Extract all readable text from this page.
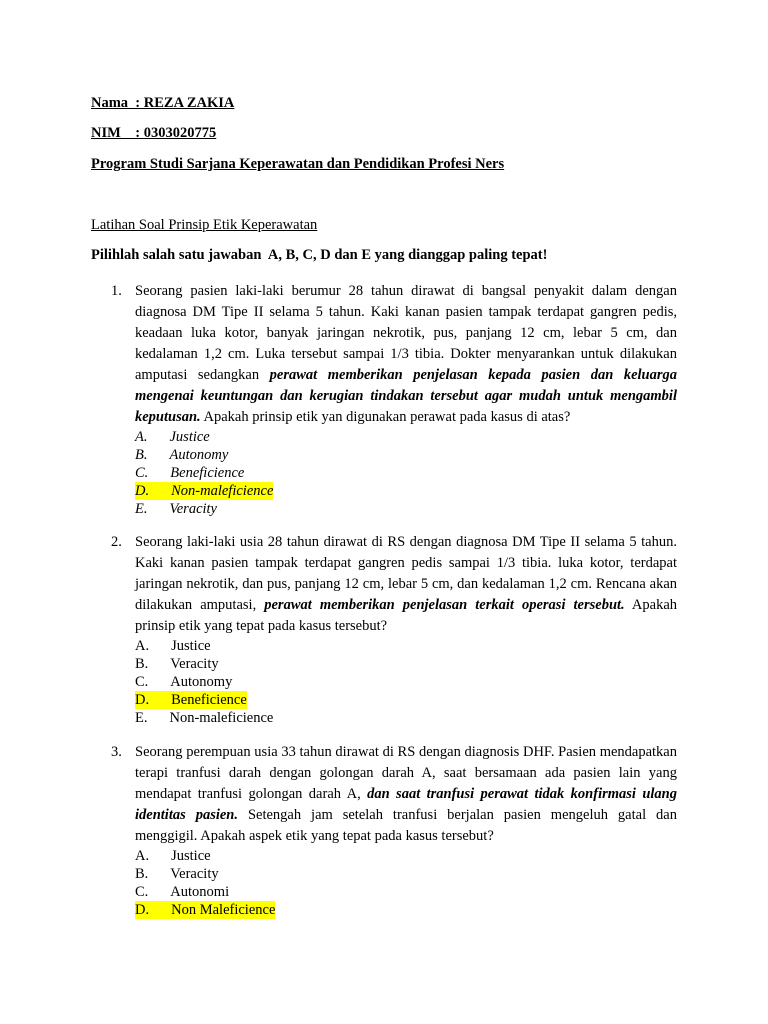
Nama  : REZA ZAKIA
NIM    : 0303020775
Program Studi Sarjana Keperawatan dan Pendidikan Profesi Ners
Latihan Soal Prinsip Etik Keperawatan
Pilihlah salah satu jawaban  A, B, C, D dan E yang dianggap paling tepat!
1. Seorang pasien laki-laki berumur 28 tahun dirawat di bangsal penyakit dalam dengan diagnosa DM Tipe II selama 5 tahun. Kaki kanan pasien tampak terdapat gangren pedis, keadaan luka kotor, banyak jaringan nekrotik, pus, panjang 12 cm, lebar 5 cm, dan kedalaman 1,2 cm. Luka tersebut sampai 1/3 tibia. Dokter menyarankan untuk dilakukan amputasi sedangkan perawat memberikan penjelasan kepada pasien dan keluarga mengenai keuntungan dan kerugian tindakan tersebut agar mudah untuk mengambil keputusan. Apakah prinsip etik yan digunakan perawat pada kasus di atas?
A. Justice
B. Autonomy
C. Beneficience
D. Non-maleficience
E. Veracity
2. Seorang laki-laki usia 28 tahun dirawat di RS dengan diagnosa DM Tipe II selama 5 tahun. Kaki kanan pasien tampak terdapat gangren pedis sampai 1/3 tibia. luka kotor, terdapat jaringan nekrotik, dan pus, panjang 12 cm, lebar 5 cm, dan kedalaman 1,2 cm. Rencana akan dilakukan amputasi, perawat memberikan penjelasan terkait operasi tersebut. Apakah prinsip etik yang tepat pada kasus tersebut?
A. Justice
B. Veracity
C. Autonomy
D. Beneficience
E. Non-maleficience
3. Seorang perempuan usia 33 tahun dirawat di RS dengan diagnosis DHF. Pasien mendapatkan terapi tranfusi darah dengan golongan darah A, saat bersamaan ada pasien lain yang mendapat tranfusi golongan darah A, dan saat tranfusi perawat tidak konfirmasi ulang identitas pasien. Setengah jam setelah tranfusi berjalan pasien mengeluh gatal dan menggigil. Apakah aspek etik yang tepat pada kasus tersebut?
A. Justice
B. Veracity
C. Autonomi
D. Non Maleficience
